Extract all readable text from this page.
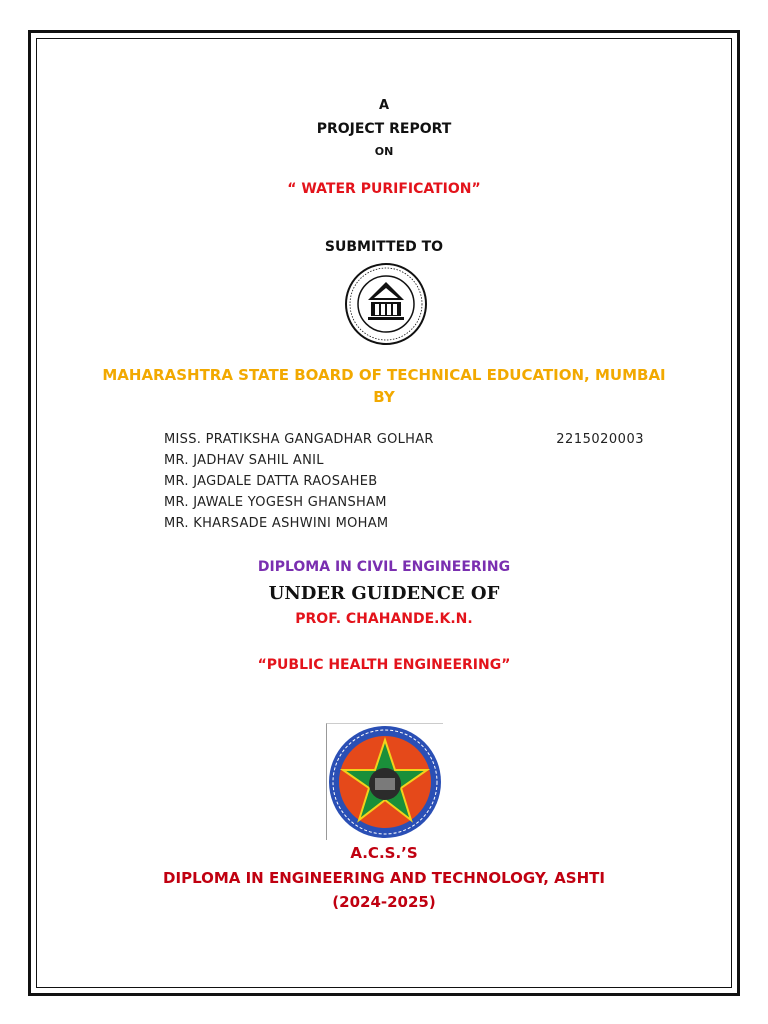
A
PROJECT REPORT
ON
“ WATER PURIFICATION”
SUBMITTED TO
MAHARASHTRA STATE BOARD OF TECHNICAL EDUCATION, MUMBAI
BY
MISS. PRATIKSHA GANGADHAR GOLHAR	2215020003
MR. JADHAV SAHIL ANIL
MR. JAGDALE DATTA RAOSAHEB
MR. JAWALE YOGESH GHANSHAM
MR. KHARSADE ASHWINI MOHAM
DIPLOMA IN CIVIL ENGINEERING
UNDER GUIDENCE OF
PROF. CHAHANDE.K.N.
“PUBLIC HEALTH ENGINEERING”
A.C.S.’S
DIPLOMA IN ENGINEERING AND TECHNOLOGY, ASHTI
(2024-2025)
